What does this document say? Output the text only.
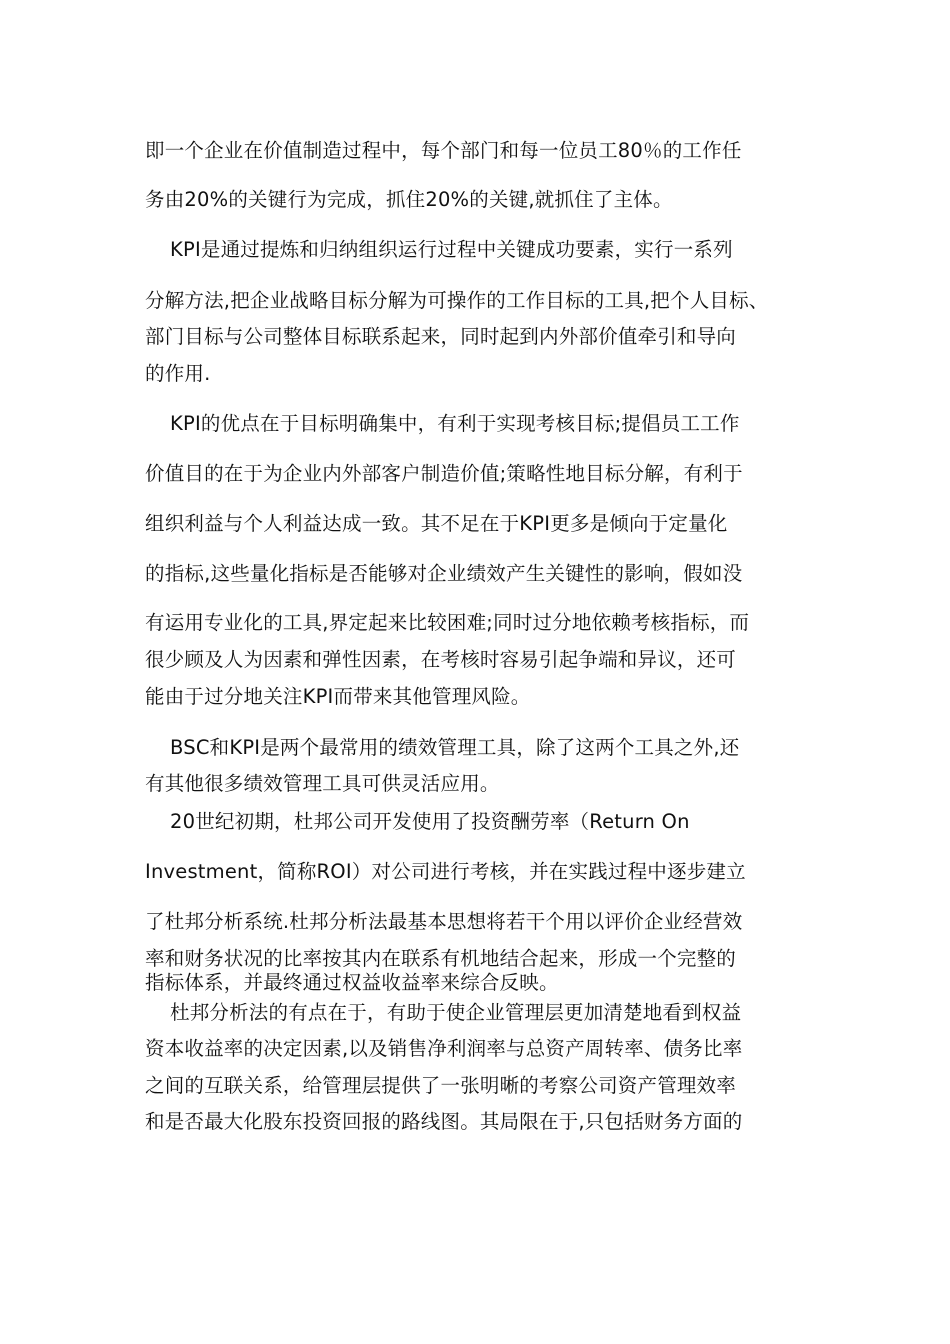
即一个企业在价值制造过程中，每个部门和每一位员工80％的工作任
务由20%的关键行为完成，抓住20%的关键,就抓住了主体。
KPI是通过提炼和归纳组织运行过程中关键成功要素，实行一系列
分解方法,把企业战略目标分解为可操作的工作目标的工具,把个人目标、
部门目标与公司整体目标联系起来，同时起到内外部价值牵引和导向
的作用.
KPI的优点在于目标明确集中，有利于实现考核目标;提倡员工工作
价值目的在于为企业内外部客户制造价值;策略性地目标分解，有利于
组织利益与个人利益达成一致。其不足在于KPI更多是倾向于定量化
的指标,这些量化指标是否能够对企业绩效产生关键性的影响，假如没
有运用专业化的工具,界定起来比较困难;同时过分地依赖考核指标，而
很少顾及人为因素和弹性因素，在考核时容易引起争端和异议，还可
能由于过分地关注KPI而带来其他管理风险。
BSC和KPI是两个最常用的绩效管理工具，除了这两个工具之外,还
有其他很多绩效管理工具可供灵活应用。
20世纪初期，杜邦公司开发使用了投资酬劳率（Return On
Investment，简称ROI）对公司进行考核，并在实践过程中逐步建立
了杜邦分析系统.杜邦分析法最基本思想将若干个用以评价企业经营效
率和财务状况的比率按其内在联系有机地结合起来，形成一个完整的
指标体系，并最终通过权益收益率来综合反映。
杜邦分析法的有点在于，有助于使企业管理层更加清楚地看到权益
资本收益率的决定因素,以及销售净利润率与总资产周转率、债务比率
之间的互联关系，给管理层提供了一张明晰的考察公司资产管理效率
和是否最大化股东投资回报的路线图。其局限在于,只包括财务方面的
